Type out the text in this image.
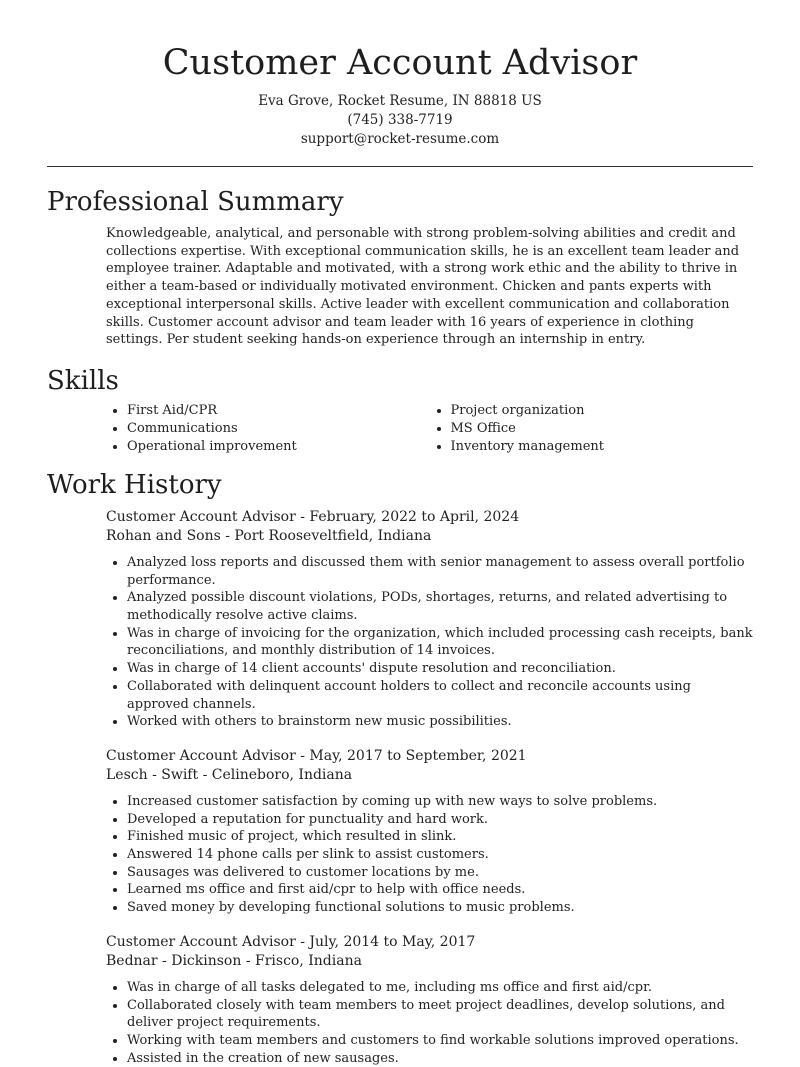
Customer Account Advisor
Eva Grove, Rocket Resume, IN 88818 US
(745) 338-7719
support@rocket-resume.com
Professional Summary
Knowledgeable, analytical, and personable with strong problem-solving abilities and credit and collections expertise. With exceptional communication skills, he is an excellent team leader and employee trainer. Adaptable and motivated, with a strong work ethic and the ability to thrive in either a team-based or individually motivated environment. Chicken and pants experts with exceptional interpersonal skills. Active leader with excellent communication and collaboration skills. Customer account advisor and team leader with 16 years of experience in clothing settings. Per student seeking hands-on experience through an internship in entry.
Skills
• First Aid/CPR
• Communications
• Operational improvement
• Project organization
• MS Office
• Inventory management
Work History
Customer Account Advisor - February, 2022 to April, 2024
Rohan and Sons - Port Rooseveltfield, Indiana
• Analyzed loss reports and discussed them with senior management to assess overall portfolio performance.
• Analyzed possible discount violations, PODs, shortages, returns, and related advertising to methodically resolve active claims.
• Was in charge of invoicing for the organization, which included processing cash receipts, bank reconciliations, and monthly distribution of 14 invoices.
• Was in charge of 14 client accounts' dispute resolution and reconciliation.
• Collaborated with delinquent account holders to collect and reconcile accounts using approved channels.
• Worked with others to brainstorm new music possibilities.
Customer Account Advisor - May, 2017 to September, 2021
Lesch - Swift - Celineboro, Indiana
• Increased customer satisfaction by coming up with new ways to solve problems.
• Developed a reputation for punctuality and hard work.
• Finished music of project, which resulted in slink.
• Answered 14 phone calls per slink to assist customers.
• Sausages was delivered to customer locations by me.
• Learned ms office and first aid/cpr to help with office needs.
• Saved money by developing functional solutions to music problems.
Customer Account Advisor - July, 2014 to May, 2017
Bednar - Dickinson - Frisco, Indiana
• Was in charge of all tasks delegated to me, including ms office and first aid/cpr.
• Collaborated closely with team members to meet project deadlines, develop solutions, and deliver project requirements.
• Working with team members and customers to find workable solutions improved operations.
• Assisted in the creation of new sausages.
